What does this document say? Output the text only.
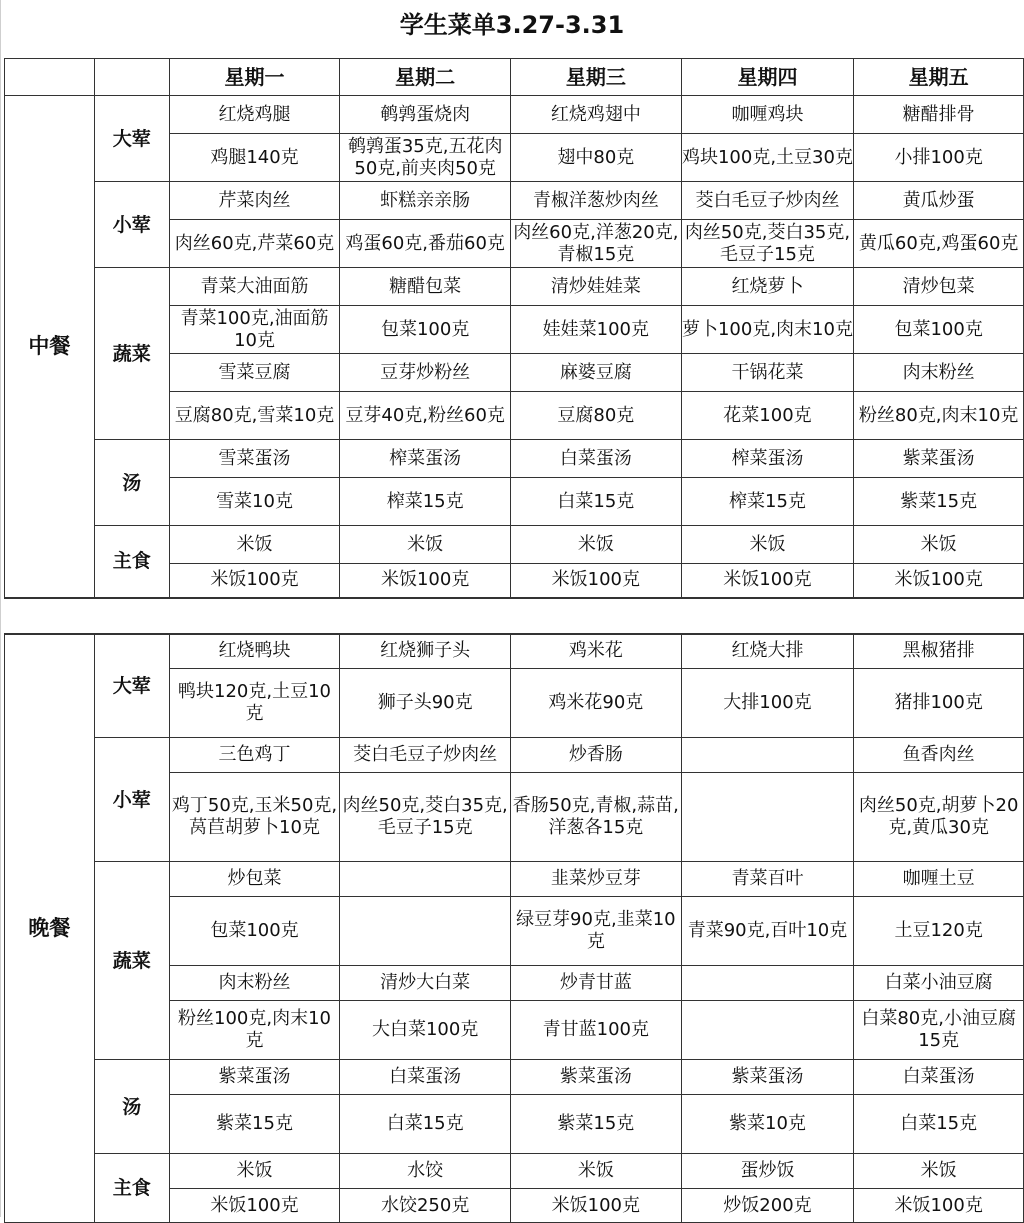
学生菜单3.27-3.31
		星期一	星期二	星期三	星期四	星期五
中餐	大荤	红烧鸡腿	鹌鹑蛋烧肉	红烧鸡翅中	咖喱鸡块	糖醋排骨
		鸡腿140克	鹌鹑蛋35克,五花肉50克,前夹肉50克	翅中80克	鸡块100克,土豆30克	小排100克
	小荤	芹菜肉丝	虾糕亲亲肠	青椒洋葱炒肉丝	茭白毛豆子炒肉丝	黄瓜炒蛋
		肉丝60克,芹菜60克	鸡蛋60克,番茄60克	肉丝60克,洋葱20克,青椒15克	肉丝50克,茭白35克,毛豆子15克	黄瓜60克,鸡蛋60克
	蔬菜	青菜大油面筋	糖醋包菜	清炒娃娃菜	红烧萝卜	清炒包菜
		青菜100克,油面筋10克	包菜100克	娃娃菜100克	萝卜100克,肉末10克	包菜100克
		雪菜豆腐	豆芽炒粉丝	麻婆豆腐	干锅花菜	肉末粉丝
		豆腐80克,雪菜10克	豆芽40克,粉丝60克	豆腐80克	花菜100克	粉丝80克,肉末10克
	汤	雪菜蛋汤	榨菜蛋汤	白菜蛋汤	榨菜蛋汤	紫菜蛋汤
		雪菜10克	榨菜15克	白菜15克	榨菜15克	紫菜15克
	主食	米饭	米饭	米饭	米饭	米饭
		米饭100克	米饭100克	米饭100克	米饭100克	米饭100克

晚餐	大荤	红烧鸭块	红烧狮子头	鸡米花	红烧大排	黑椒猪排
		鸭块120克,土豆10克	狮子头90克	鸡米花90克	大排100克	猪排100克
	小荤	三色鸡丁	茭白毛豆子炒肉丝	炒香肠		鱼香肉丝
		鸡丁50克,玉米50克,莴苣胡萝卜10克	肉丝50克,茭白35克,毛豆子15克	香肠50克,青椒,蒜苗,洋葱各15克		肉丝50克,胡萝卜20克,黄瓜30克
	蔬菜	炒包菜		韭菜炒豆芽	青菜百叶	咖喱土豆
		包菜100克		绿豆芽90克,韭菜10克	青菜90克,百叶10克	土豆120克
		肉末粉丝	清炒大白菜	炒青甘蓝		白菜小油豆腐
		粉丝100克,肉末10克	大白菜100克	青甘蓝100克		白菜80克,小油豆腐15克
	汤	紫菜蛋汤	白菜蛋汤	紫菜蛋汤	紫菜蛋汤	白菜蛋汤
		紫菜15克	白菜15克	紫菜15克	紫菜10克	白菜15克
	主食	米饭	水饺	米饭	蛋炒饭	米饭
		米饭100克	水饺250克	米饭100克	炒饭200克	米饭100克
